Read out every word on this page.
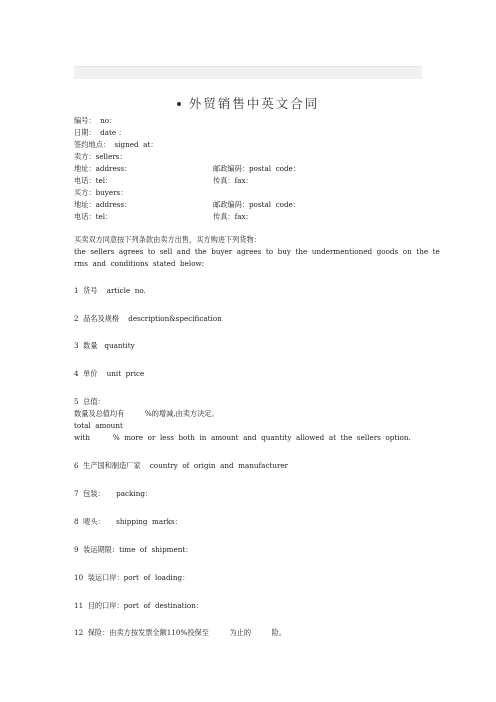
外贸销售中英文合同
编号：  no：
日期：  date ：
签约地点：  signed  at：
卖方：sellers：
地址：address：	邮政编码：postal  code：
电话：tel：	传真：fax：
买方：buyers：
地址：address：	邮政编码：postal  code：
电话：tel：	传真：fax：
买卖双方同意按下列条款由卖方出售，买方购进下列货物：
the  sellers  agrees  to  sell  and  the  buyer  agrees  to  buy  the  undermentioned  goods  on  the  te
rms  and  conditions  stated  below:
1  货号    article  no.
2  品名及规格    description&specification
3  数量   quantity
4  单价    unit  price
5  总值：
数量及总值均有         %的增减,由卖方决定。
total  amount
with          %  more  or  less  both  in  amount  and  quantity  allowed  at  the  sellers  option.
6  生产国和制造厂家    country  of  origin  and  manufacturer
7  包装：     packing：
8  唛头：     shipping  marks：
9  装运期限：time  of  shipment：
10  装运口岸：port  of  loading：
11  目的口岸：port  of  destination：
12  保险：由卖方按发票全额110%投保至         为止的         险。
